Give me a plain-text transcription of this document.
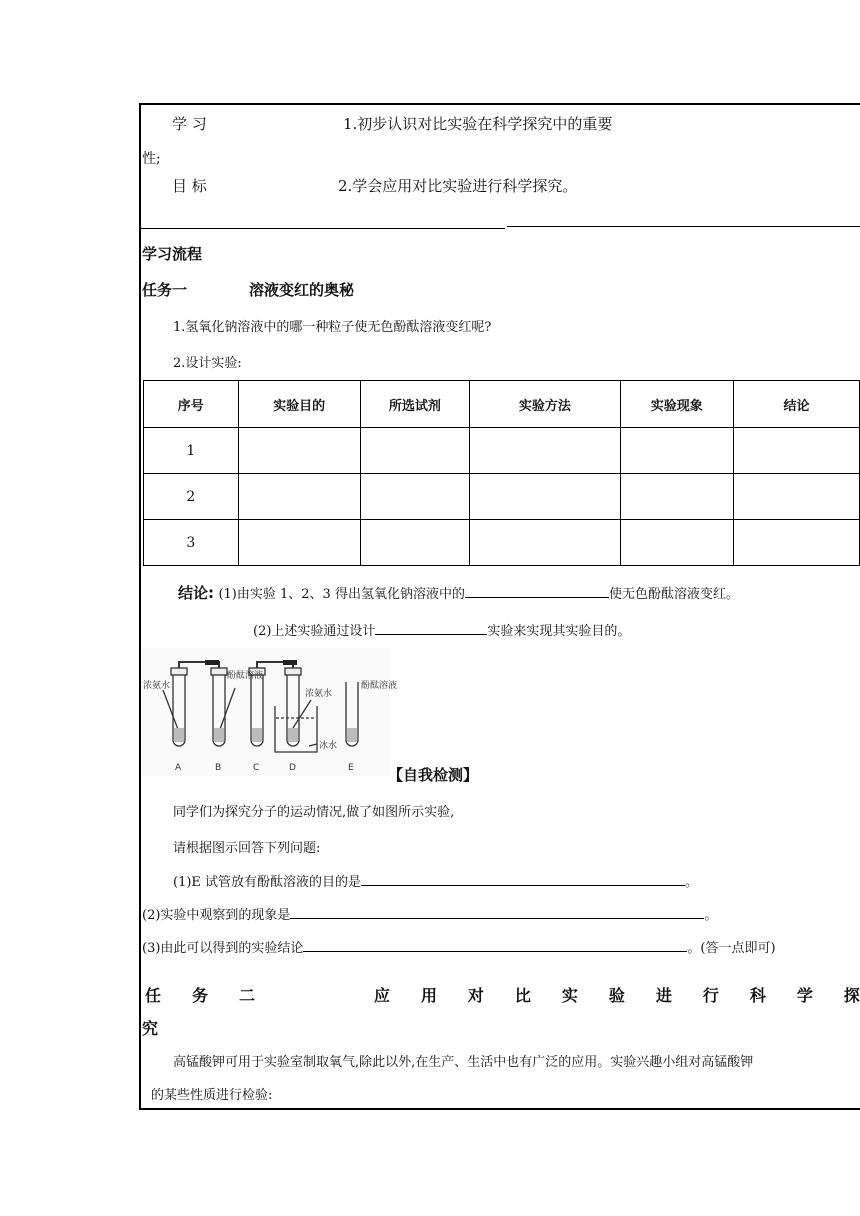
学 习	1.初步认识对比实验在科学探究中的重要
性;
目 标	2.学会应用对比实验进行科学探究。
学习流程
任务一	溶液变红的奥秘
1.氢氧化钠溶液中的哪一种粒子使无色酚酞溶液变红呢?
2.设计实验:
序号	实验目的	所选试剂	实验方法	实验现象	结论
1					
2					
3					
结论: (1)由实验 1、2、3 得出氢氧化钠溶液中的	使无色酚酞溶液变红。
(2)上述实验通过设计	实验来实现其实验目的。
浓氨水
酚酞溶液
浓氨水
冰水
酚酞溶液
A	B	C	D	E 【自我检测】
同学们为探究分子的运动情况,做了如图所示实验,
请根据图示回答下列问题:
(1)E 试管放有酚酞溶液的目的是	。
(2)实验中观察到的现象是	。
(3)由此可以得到的实验结论	。(答一点即可)
任 务 二	应 用 对 比 实 验 进 行 科 学 探
究
高锰酸钾可用于实验室制取氧气,除此以外,在生产、生活中也有广泛的应用。实验兴趣小组对高锰酸钾
的某些性质进行检验:
